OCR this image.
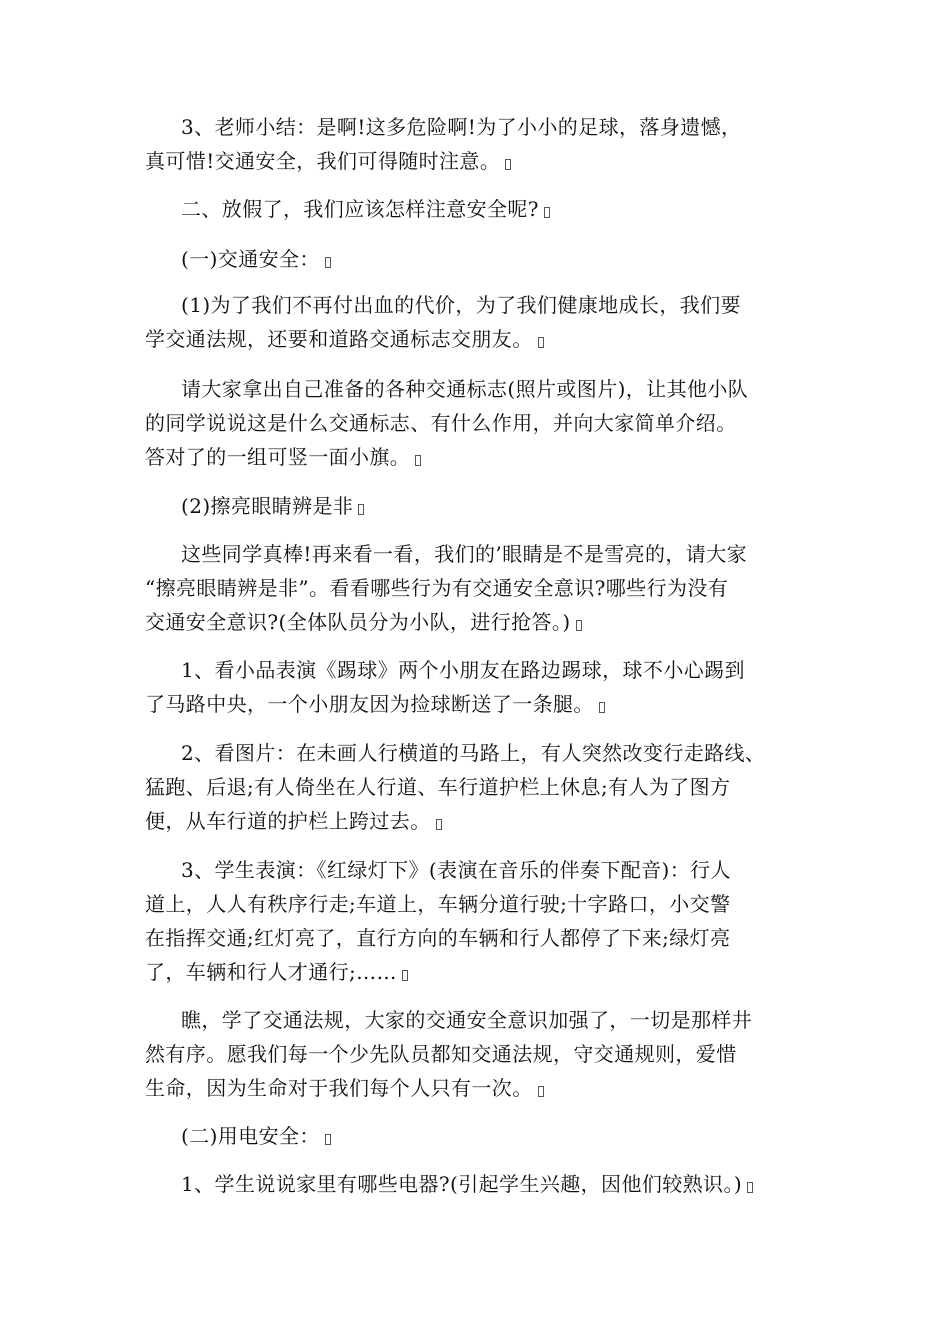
3、老师小结：是啊!这多危险啊!为了小小的足球，落身遗憾，
真可惜!交通安全，我们可得随时注意。
二、放假了，我们应该怎样注意安全呢?
(一)交通安全：
(1)为了我们不再付出血的代价，为了我们健康地成长，我们要
学交通法规，还要和道路交通标志交朋友。
请大家拿出自己准备的各种交通标志(照片或图片)，让其他小队
的同学说说这是什么交通标志、有什么作用，并向大家简单介绍。
答对了的一组可竖一面小旗。
(2)擦亮眼睛辨是非
这些同学真棒!再来看一看，我们的’眼睛是不是雪亮的，请大家
“擦亮眼睛辨是非”。看看哪些行为有交通安全意识?哪些行为没有
交通安全意识?(全体队员分为小队，进行抢答。)
1、看小品表演《踢球》两个小朋友在路边踢球，球不小心踢到
了马路中央，一个小朋友因为捡球断送了一条腿。
2、看图片：在未画人行横道的马路上，有人突然改变行走路线、
猛跑、后退;有人倚坐在人行道、车行道护栏上休息;有人为了图方
便，从车行道的护栏上跨过去。
3、学生表演：《红绿灯下》(表演在音乐的伴奏下配音)：行人
道上，人人有秩序行走;车道上，车辆分道行驶;十字路口，小交警
在指挥交通;红灯亮了，直行方向的车辆和行人都停了下来;绿灯亮
了，车辆和行人才通行;……
瞧，学了交通法规，大家的交通安全意识加强了，一切是那样井
然有序。愿我们每一个少先队员都知交通法规，守交通规则，爱惜
生命，因为生命对于我们每个人只有一次。
(二)用电安全：
1、学生说说家里有哪些电器?(引起学生兴趣，因他们较熟识。)
